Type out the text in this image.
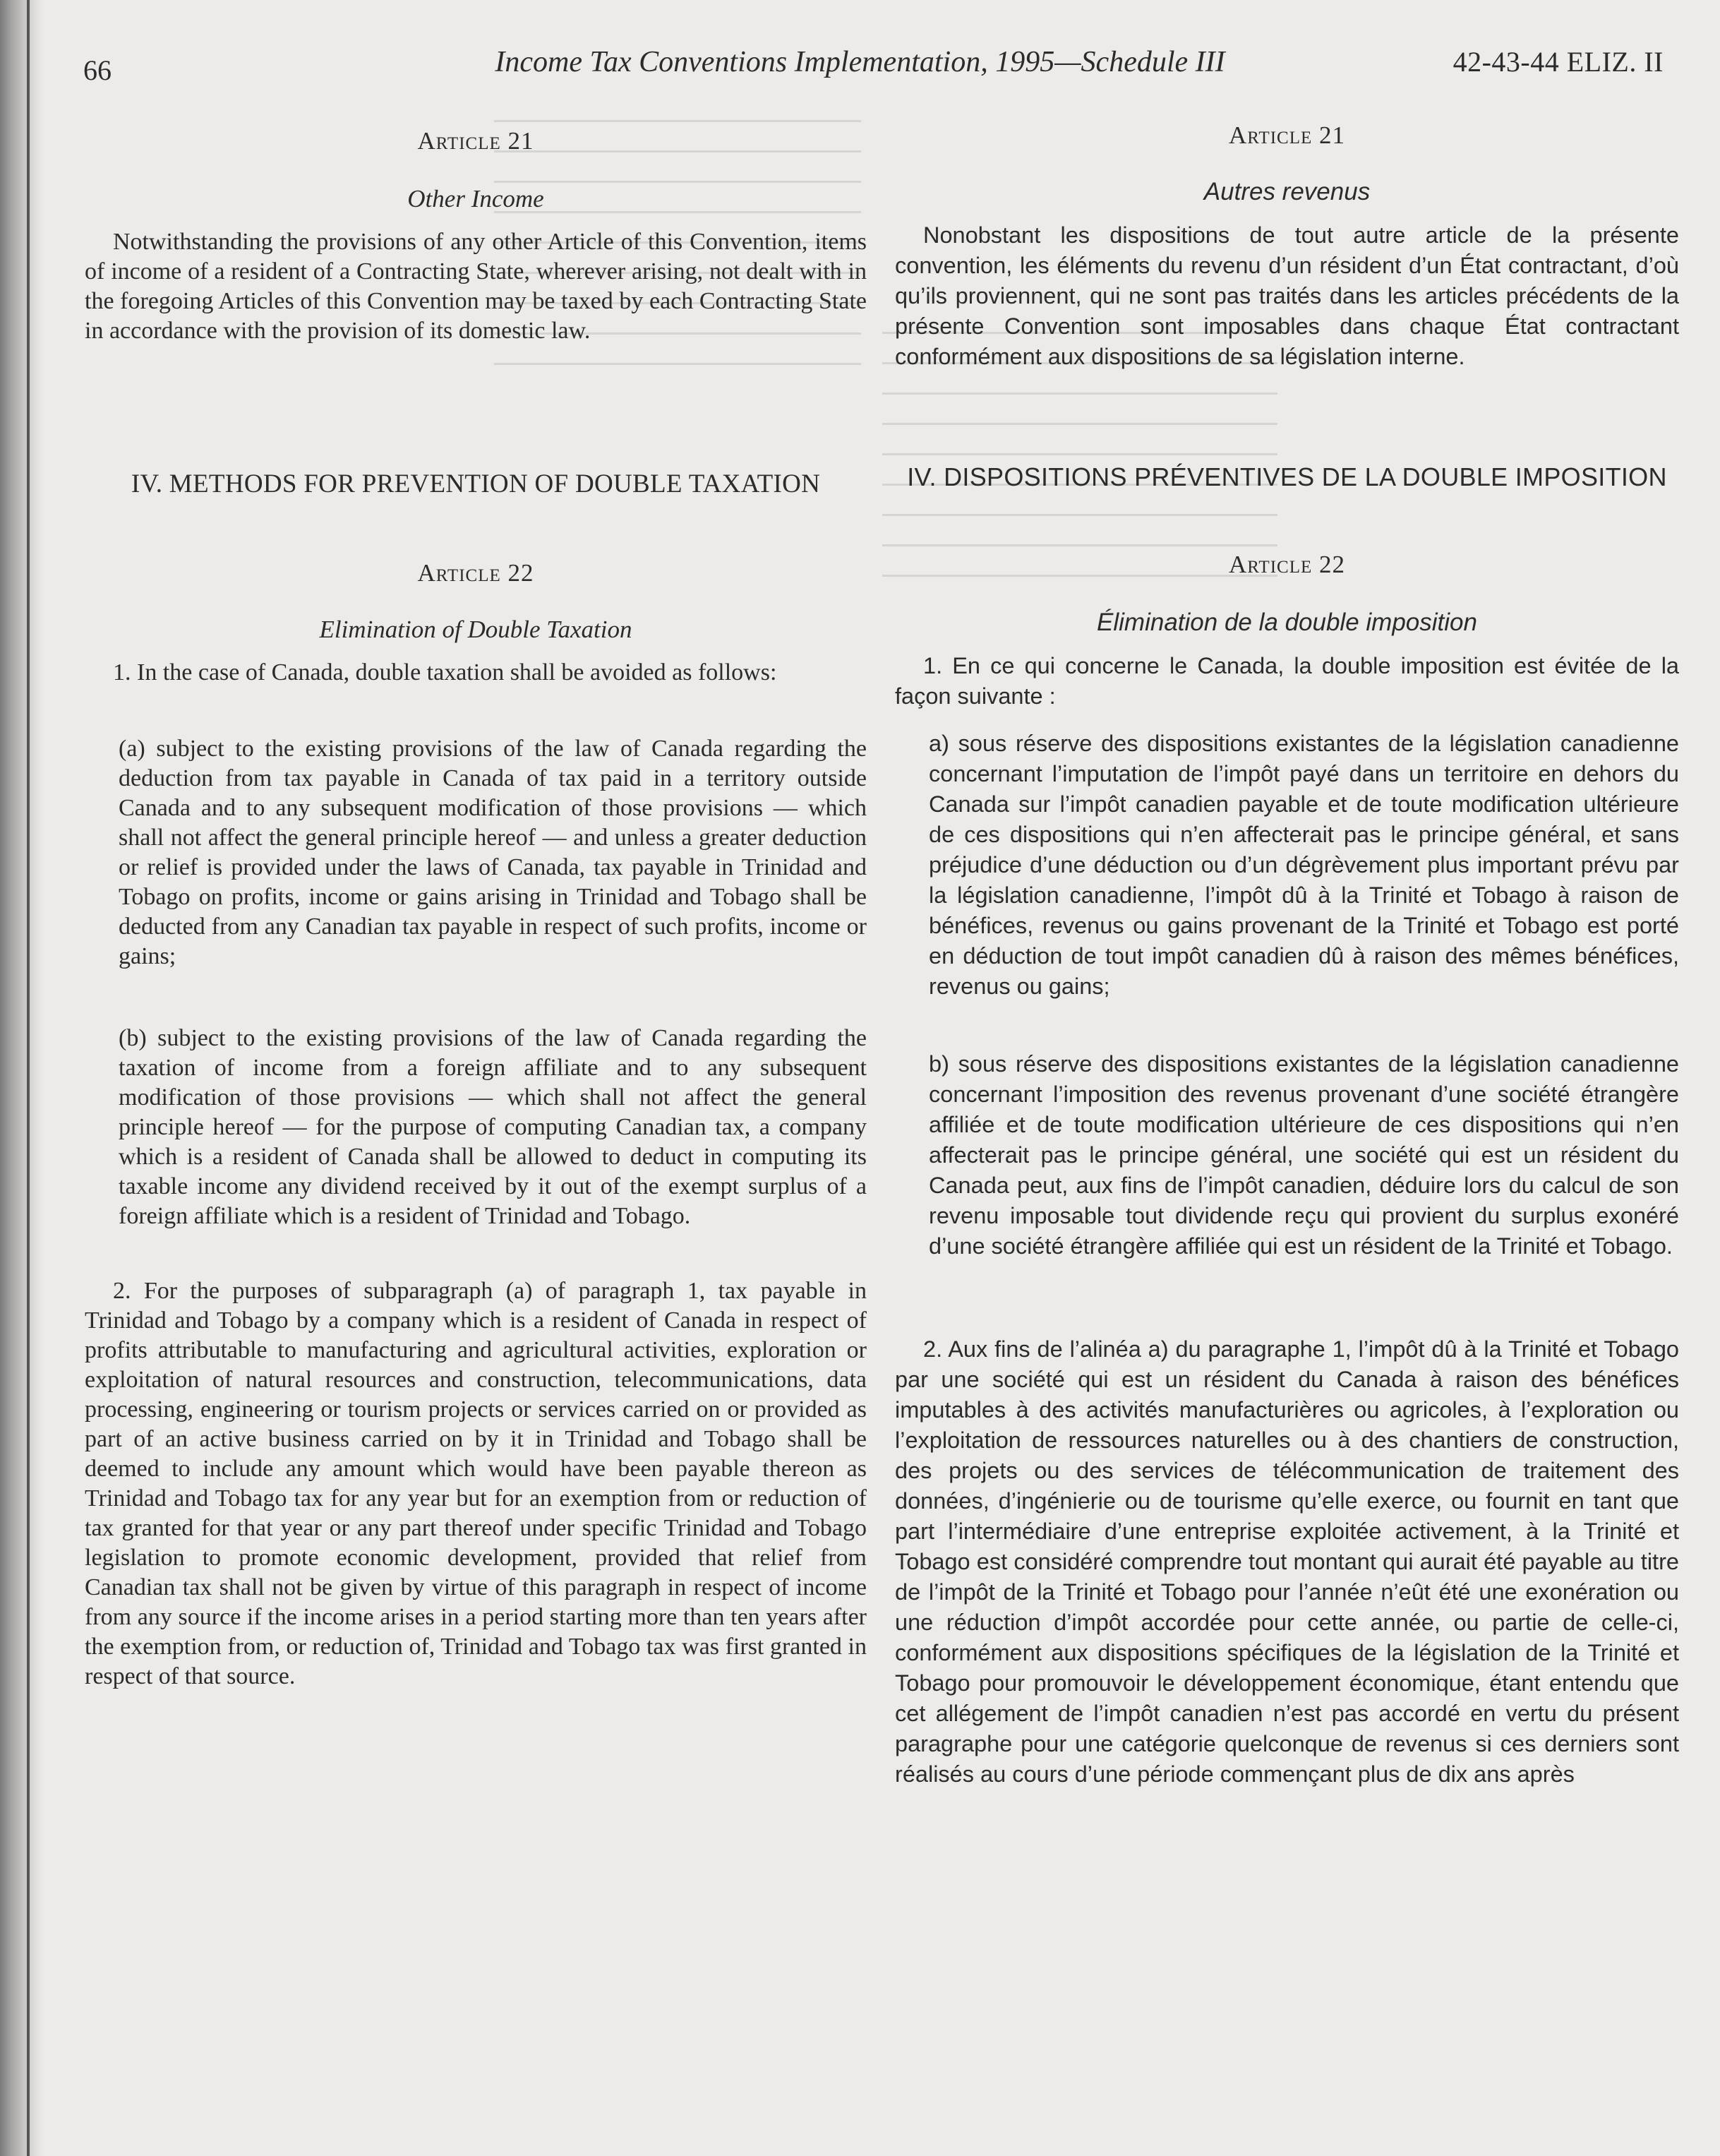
66	Income Tax Conventions Implementation, 1995—Schedule III	42-43-44 ELIZ. II
Article 21
Other Income

Notwithstanding the provisions of any other Article of this Convention, items of income of a resident of a Contracting State, wherever arising, not dealt with in the foregoing Articles of this Convention may be taxed by each Contracting State in accordance with the provision of its domestic law.

IV. METHODS FOR PREVENTION OF DOUBLE TAXATION
Article 22
Elimination of Double Taxation

1. In the case of Canada, double taxation shall be avoided as follows:

(a) subject to the existing provisions of the law of Canada regarding the deduction from tax payable in Canada of tax paid in a territory outside Canada and to any subsequent modification of those provisions — which shall not affect the general principle hereof — and unless a greater deduction or relief is provided under the laws of Canada, tax payable in Trinidad and Tobago on profits, income or gains arising in Trinidad and Tobago shall be deducted from any Canadian tax payable in respect of such profits, income or gains;

(b) subject to the existing provisions of the law of Canada regarding the taxation of income from a foreign affiliate and to any subsequent modification of those provisions — which shall not affect the general principle hereof — for the purpose of computing Canadian tax, a company which is a resident of Canada shall be allowed to deduct in computing its taxable income any dividend received by it out of the exempt surplus of a foreign affiliate which is a resident of Trinidad and Tobago.

2. For the purposes of subparagraph (a) of paragraph 1, tax payable in Trinidad and Tobago by a company which is a resident of Canada in respect of profits attributable to manufacturing and agricultural activities, exploration or exploitation of natural resources and construction, telecommunications, data processing, engineering or tourism projects or services carried on or provided as part of an active business carried on by it in Trinidad and Tobago shall be deemed to include any amount which would have been payable thereon as Trinidad and Tobago tax for any year but for an exemption from or reduction of tax granted for that year or any part thereof under specific Trinidad and Tobago legislation to promote economic development, provided that relief from Canadian tax shall not be given by virtue of this paragraph in respect of income from any source if the income arises in a period starting more than ten years after the exemption from, or reduction of, Trinidad and Tobago tax was first granted in respect of that source.

Article 21
Autres revenus

Nonobstant les dispositions de tout autre article de la présente convention, les éléments du revenu d’un résident d’un État contractant, d’où qu’ils proviennent, qui ne sont pas traités dans les articles précédents de la présente Convention sont imposables dans chaque État contractant conformément aux dispositions de sa législation interne.

IV. DISPOSITIONS PRÉVENTIVES DE LA DOUBLE IMPOSITION
Article 22
Élimination de la double imposition

1. En ce qui concerne le Canada, la double imposition est évitée de la façon suivante :

a) sous réserve des dispositions existantes de la législation canadienne concernant l’imputation de l’impôt payé dans un territoire en dehors du Canada sur l’impôt canadien payable et de toute modification ultérieure de ces dispositions qui n’en affecterait pas le principe général, et sans préjudice d’une déduction ou d’un dégrèvement plus important prévu par la législation canadienne, l’impôt dû à la Trinité et Tobago à raison de bénéfices, revenus ou gains provenant de la Trinité et Tobago est porté en déduction de tout impôt canadien dû à raison des mêmes bénéfices, revenus ou gains;

b) sous réserve des dispositions existantes de la législation canadienne concernant l’imposition des revenus provenant d’une société étrangère affiliée et de toute modification ultérieure de ces dispositions qui n’en affecterait pas le principe général, une société qui est un résident du Canada peut, aux fins de l’impôt canadien, déduire lors du calcul de son revenu imposable tout dividende reçu qui provient du surplus exonéré d’une société étrangère affiliée qui est un résident de la Trinité et Tobago.

2. Aux fins de l’alinéa a) du paragraphe 1, l’impôt dû à la Trinité et Tobago par une société qui est un résident du Canada à raison des bénéfices imputables à des activités manufacturières ou agricoles, à l’exploration ou l’exploitation de ressources naturelles ou à des chantiers de construction, des projets ou des services de télécommunication de traitement des données, d’ingénierie ou de tourisme qu’elle exerce, ou fournit en tant que part l’intermédiaire d’une entreprise exploitée activement, à la Trinité et Tobago est considéré comprendre tout montant qui aurait été payable au titre de l’impôt de la Trinité et Tobago pour l’année n’eût été une exonération ou une réduction d’impôt accordée pour cette année, ou partie de celle-ci, conformément aux dispositions spécifiques de la législation de la Trinité et Tobago pour promouvoir le développement économique, étant entendu que cet allégement de l’impôt canadien n’est pas accordé en vertu du présent paragraphe pour une catégorie quelconque de revenus si ces derniers sont réalisés au cours d’une période commençant plus de dix ans après
